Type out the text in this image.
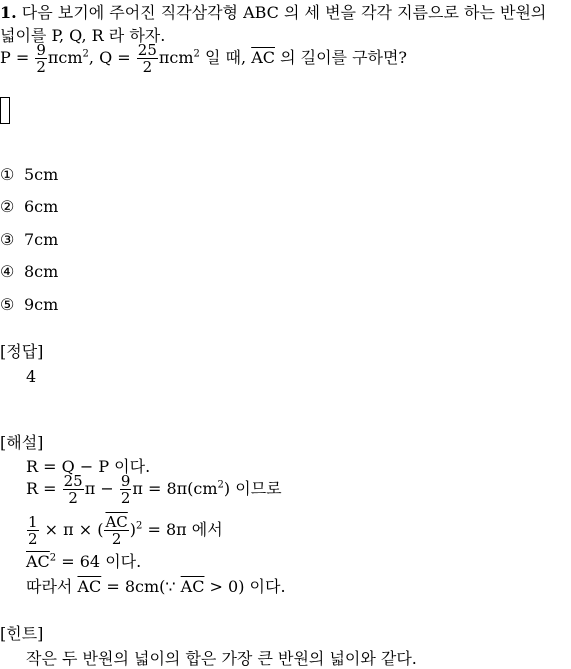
1. 다음 보기에 주어진 직각삼각형 ABC 의 세 변을 각각 지름으로 하는 반원의
넓이를 P, Q, R 라 하자.
$P = \frac{9}{2} \pi cm^2$, $Q = \frac{25}{2} \pi cm^2$ 일 때, $\overline{AC}$ 의 길이를 구하면?
① 5cm
② 6cm
③ 7cm
④ 8cm
⑤ 9cm
[정답]
4
[해설]
R = Q − P 이다.
$R = \frac{25}{2}$ $\pi - \frac{9}{2}$ $\pi = 8\pi(cm^2)$ 이므로
$\frac{1}{2} \times \pi$ × ( $\frac{\overline{AC}}{2} )^2 = 8\pi$ 에서
$\overline{AC}^2 = 64$ 이다.
따라서 $\overline{AC}$ = 8cm(∵ $\overline{AC} > 0$) 이다.
[힌트]
작은 두 반원의 넓이의 합은 가장 큰 반원의 넓이와 같다.
